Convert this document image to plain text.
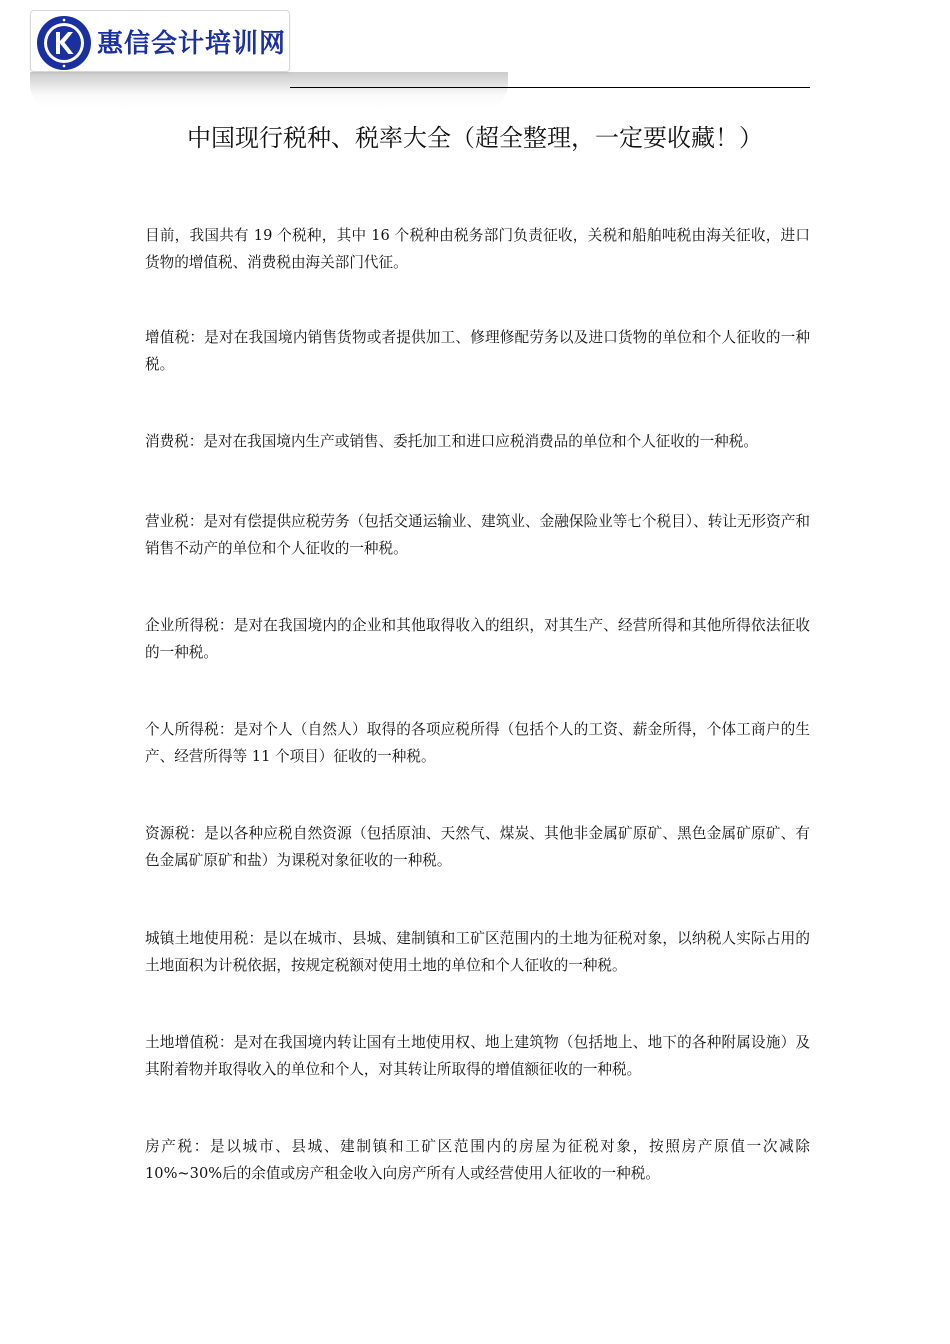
惠信会计培训网
中国现行税种、税率大全（超全整理，一定要收藏！）

目前，我国共有 19 个税种，其中 16 个税种由税务部门负责征收，关税和船舶吨税由海关征收，进口货物的增值税、消费税由海关部门代征。

增值税：是对在我国境内销售货物或者提供加工、修理修配劳务以及进口货物的单位和个人征收的一种税。

消费税：是对在我国境内生产或销售、委托加工和进口应税消费品的单位和个人征收的一种税。

营业税：是对有偿提供应税劳务（包括交通运输业、建筑业、金融保险业等七个税目）、转让无形资产和销售不动产的单位和个人征收的一种税。

企业所得税：是对在我国境内的企业和其他取得收入的组织，对其生产、经营所得和其他所得依法征收的一种税。

个人所得税：是对个人（自然人）取得的各项应税所得（包括个人的工资、薪金所得，个体工商户的生产、经营所得等 11 个项目）征收的一种税。

资源税：是以各种应税自然资源（包括原油、天然气、煤炭、其他非金属矿原矿、黑色金属矿原矿、有色金属矿原矿和盐）为课税对象征收的一种税。

城镇土地使用税：是以在城市、县城、建制镇和工矿区范围内的土地为征税对象，以纳税人实际占用的土地面积为计税依据，按规定税额对使用土地的单位和个人征收的一种税。

土地增值税：是对在我国境内转让国有土地使用权、地上建筑物（包括地上、地下的各种附属设施）及其附着物并取得收入的单位和个人，对其转让所取得的增值额征收的一种税。

房产税：是以城市、县城、建制镇和工矿区范围内的房屋为征税对象，按照房产原值一次减除10%~30%后的余值或房产租金收入向房产所有人或经营使用人征收的一种税。
